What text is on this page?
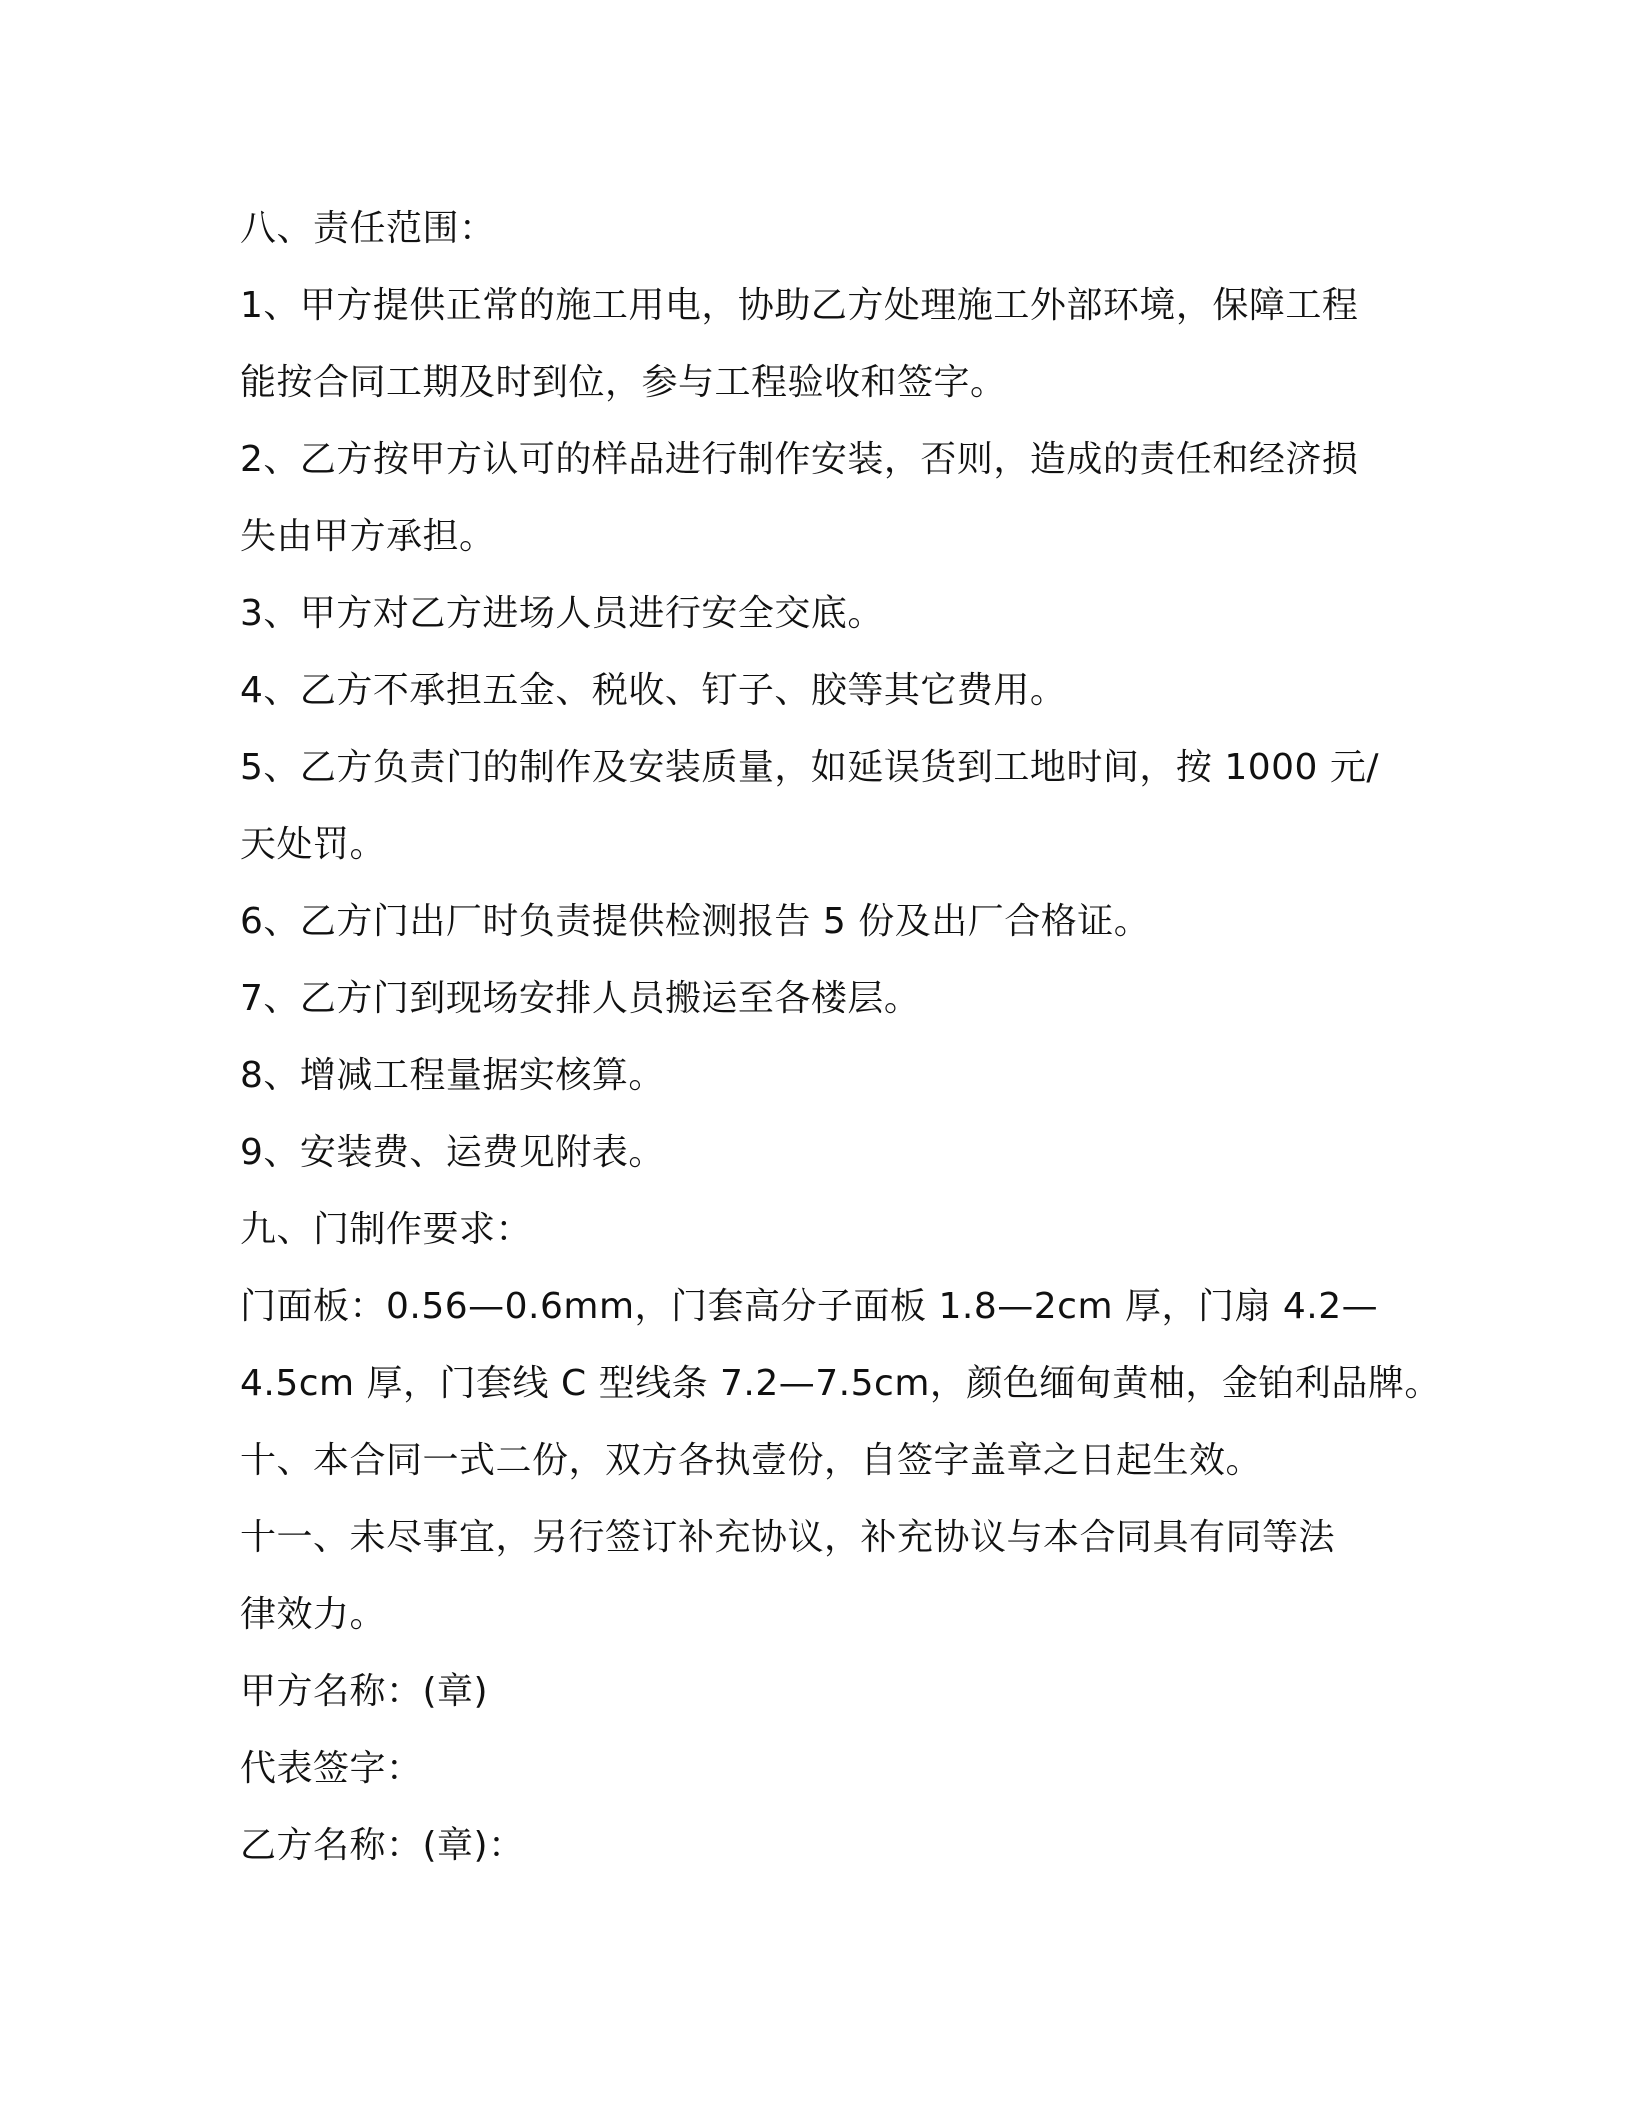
八、责任范围：
1、甲方提供正常的施工用电，协助乙方处理施工外部环境，保障工程
能按合同工期及时到位，参与工程验收和签字。
2、乙方按甲方认可的样品进行制作安装，否则，造成的责任和经济损
失由甲方承担。
3、甲方对乙方进场人员进行安全交底。
4、乙方不承担五金、税收、钉子、胶等其它费用。
5、乙方负责门的制作及安装质量，如延误货到工地时间，按 1000 元/
天处罚。
6、乙方门出厂时负责提供检测报告 5 份及出厂合格证。
7、乙方门到现场安排人员搬运至各楼层。
8、增减工程量据实核算。
9、安装费、运费见附表。
九、门制作要求：
门面板：0.56—0.6mm，门套高分子面板 1.8—2cm 厚，门扇 4.2—
4.5cm 厚，门套线 C 型线条 7.2—7.5cm，颜色缅甸黄柚，金铂利品牌。
十、本合同一式二份，双方各执壹份，自签字盖章之日起生效。
十一、未尽事宜，另行签订补充协议，补充协议与本合同具有同等法
律效力。
甲方名称：(章)
代表签字：
乙方名称：(章)：
